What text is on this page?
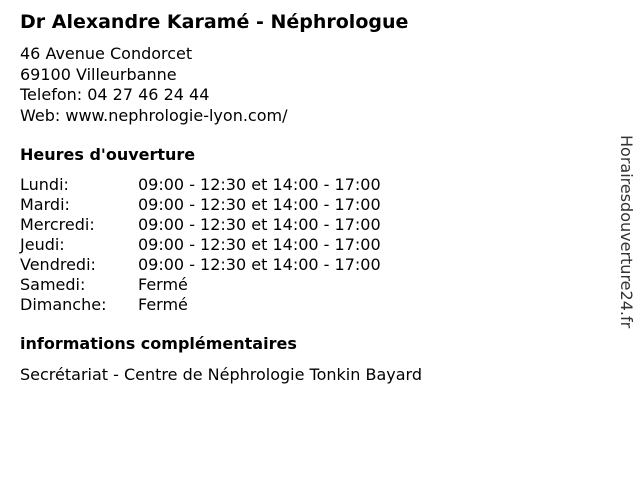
Dr Alexandre Karamé - Néphrologue
46 Avenue Condorcet
69100 Villeurbanne
Telefon: 04 27 46 24 44
Web: www.nephrologie-lyon.com/
Heures d'ouverture
Lundi:	09:00 - 12:30 et 14:00 - 17:00
Mardi:	09:00 - 12:30 et 14:00 - 17:00
Mercredi:	09:00 - 12:30 et 14:00 - 17:00
Jeudi:	09:00 - 12:30 et 14:00 - 17:00
Vendredi:	09:00 - 12:30 et 14:00 - 17:00
Samedi:	Fermé
Dimanche: Fermé
informations complémentaires
Secrétariat - Centre de Néphrologie Tonkin Bayard
Horairesdouverture24.fr
